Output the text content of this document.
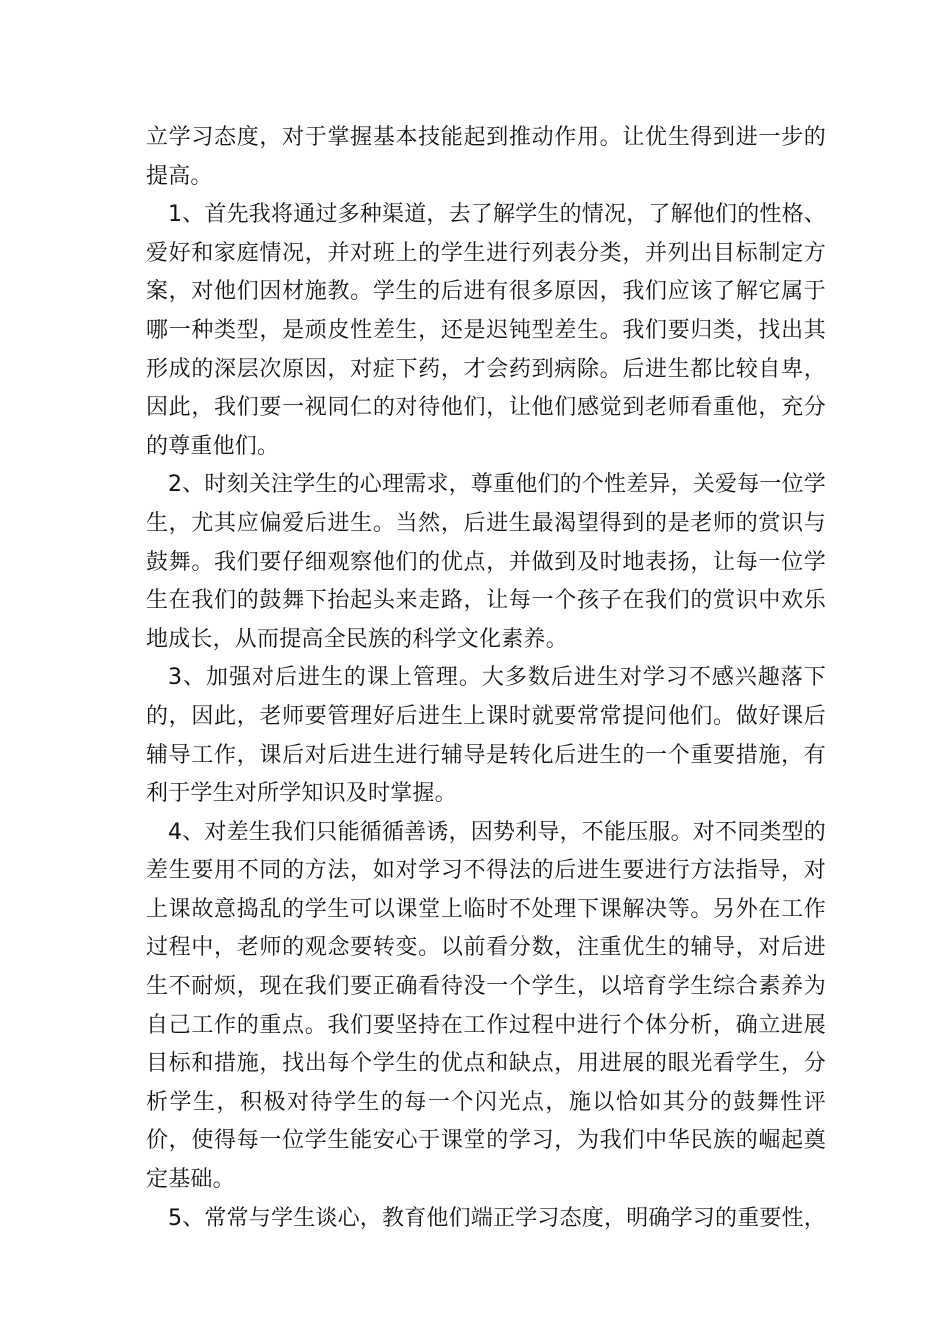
立学习态度，对于掌握基本技能起到推动作用。让优生得到进一步的提高。

1、首先我将通过多种渠道，去了解学生的情况，了解他们的性格、爱好和家庭情况，并对班上的学生进行列表分类，并列出目标制定方案，对他们因材施教。学生的后进有很多原因，我们应该了解它属于哪一种类型，是顽皮性差生，还是迟钝型差生。我们要归类，找出其形成的深层次原因，对症下药，才会药到病除。后进生都比较自卑，因此，我们要一视同仁的对待他们，让他们感觉到老师看重他，充分的尊重他们。

2、时刻关注学生的心理需求，尊重他们的个性差异，关爱每一位学生，尤其应偏爱后进生。当然，后进生最渴望得到的是老师的赏识与鼓舞。我们要仔细观察他们的优点，并做到及时地表扬，让每一位学生在我们的鼓舞下抬起头来走路，让每一个孩子在我们的赏识中欢乐地成长，从而提高全民族的科学文化素养。

3、加强对后进生的课上管理。大多数后进生对学习不感兴趣落下的，因此，老师要管理好后进生上课时就要常常提问他们。做好课后辅导工作，课后对后进生进行辅导是转化后进生的一个重要措施，有利于学生对所学知识及时掌握。

4、对差生我们只能循循善诱，因势利导，不能压服。对不同类型的差生要用不同的方法，如对学习不得法的后进生要进行方法指导，对上课故意捣乱的学生可以课堂上临时不处理下课解决等。另外在工作过程中，老师的观念要转变。以前看分数，注重优生的辅导，对后进生不耐烦，现在我们要正确看待没一个学生，以培育学生综合素养为自己工作的重点。我们要坚持在工作过程中进行个体分析，确立进展目标和措施，找出每个学生的优点和缺点，用进展的眼光看学生，分析学生，积极对待学生的每一个闪光点，施以恰如其分的鼓舞性评价，使得每一位学生能安心于课堂的学习，为我们中华民族的崛起奠定基础。

5、常常与学生谈心，教育他们端正学习态度，明确学习的重要性，
